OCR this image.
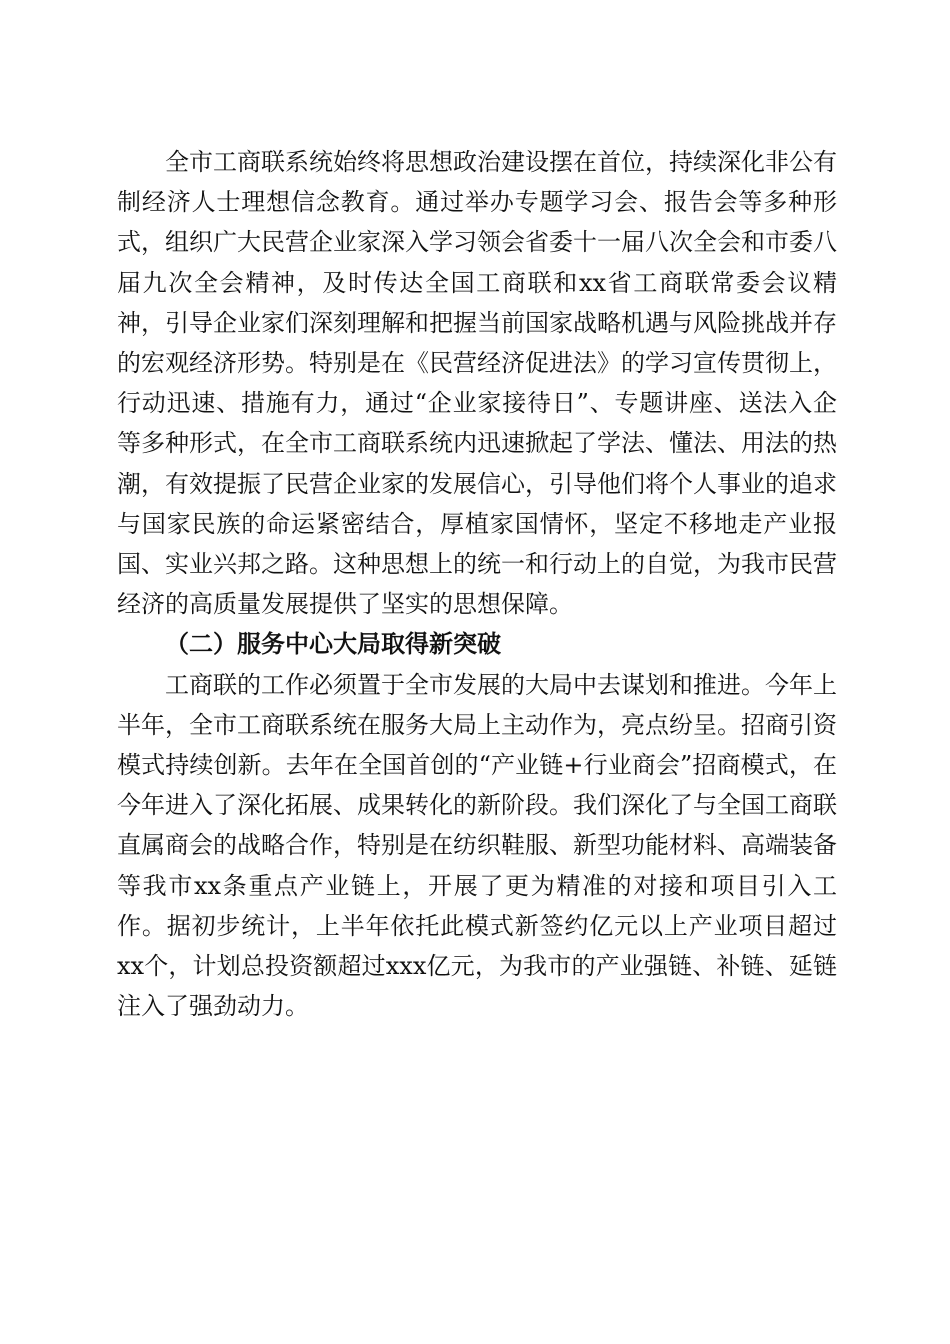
全市工商联系统始终将思想政治建设摆在首位，持续深化非公有制经济人士理想信念教育。通过举办专题学习会、报告会等多种形式，组织广大民营企业家深入学习领会省委十一届八次全会和市委八届九次全会精神，及时传达全国工商联和xx省工商联常委会议精神，引导企业家们深刻理解和把握当前国家战略机遇与风险挑战并存的宏观经济形势。特别是在《民营经济促进法》的学习宣传贯彻上，行动迅速、措施有力，通过“企业家接待日”、专题讲座、送法入企等多种形式，在全市工商联系统内迅速掀起了学法、懂法、用法的热潮，有效提振了民营企业家的发展信心，引导他们将个人事业的追求与国家民族的命运紧密结合，厚植家国情怀，坚定不移地走产业报国、实业兴邦之路。这种思想上的统一和行动上的自觉，为我市民营经济的高质量发展提供了坚实的思想保障。

（二）服务中心大局取得新突破

工商联的工作必须置于全市发展的大局中去谋划和推进。今年上半年，全市工商联系统在服务大局上主动作为，亮点纷呈。招商引资模式持续创新。去年在全国首创的“产业链+行业商会”招商模式，在今年进入了深化拓展、成果转化的新阶段。我们深化了与全国工商联直属商会的战略合作，特别是在纺织鞋服、新型功能材料、高端装备等我市xx条重点产业链上，开展了更为精准的对接和项目引入工作。据初步统计，上半年依托此模式新签约亿元以上产业项目超过xx个，计划总投资额超过xxx亿元，为我市的产业强链、补链、延链注入了强劲动力。
